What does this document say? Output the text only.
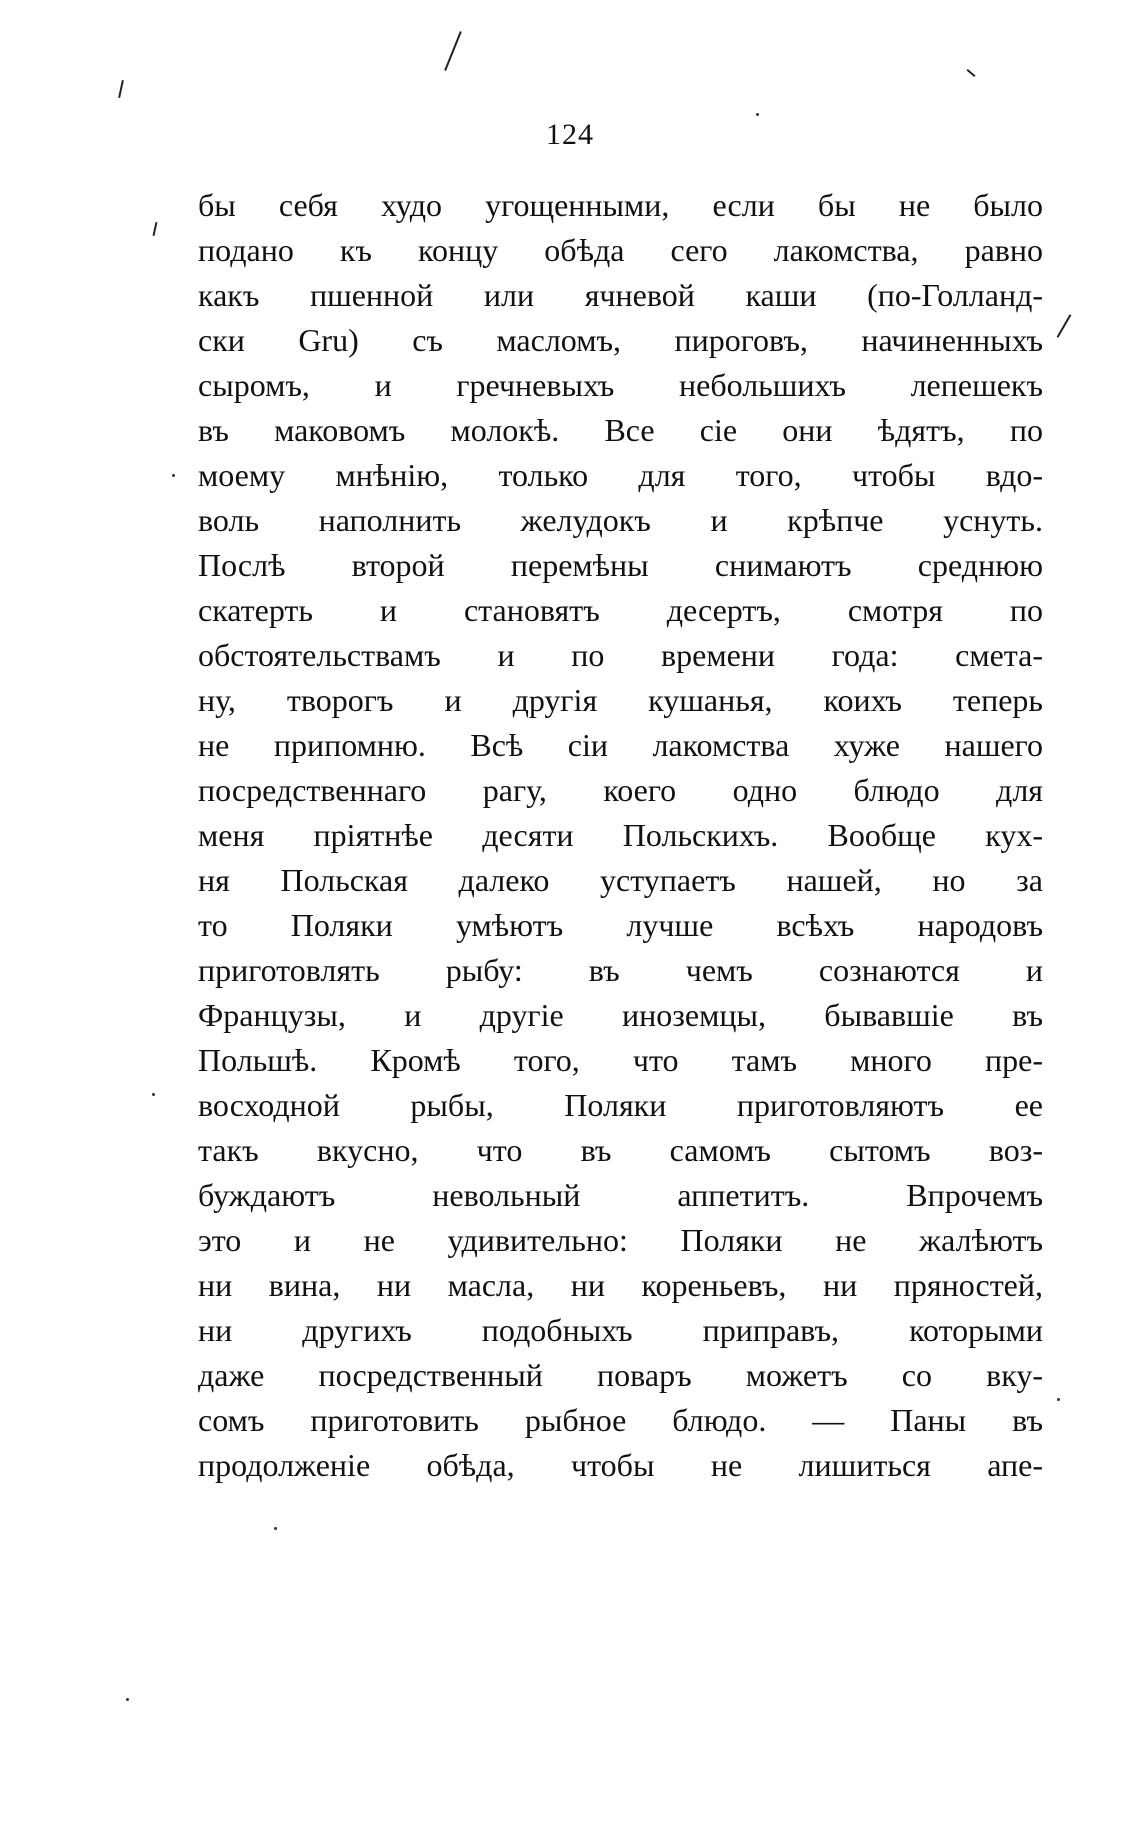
124
бы себя худо угощенными, если бы не было
подано къ концу обѣда сего лакомства, равно
какъ пшенной или ячневой каши (по-Голланд-
ски Gru) съ масломъ, пироговъ, начиненныхъ
сыромъ, и гречневыхъ небольшихъ лепешекъ
въ маковомъ молокѣ. Все сіе они ѣдятъ, по
моему мнѣнію, только для того, чтобы вдо-
воль наполнить желудокъ и крѣпче уснуть.
Послѣ второй перемѣны снимаютъ среднюю
скатерть и становятъ десертъ, смотря по
обстоятельствамъ и по времени года: смета-
ну, творогъ и другія кушанья, коихъ теперь
не припомню. Всѣ сіи лакомства хуже нашего
посредственнаго рагу, коего одно блюдо для
меня пріятнѣе десяти Польскихъ. Вообще кух-
ня Польская далеко уступаетъ нашей, но за
то Поляки умѣютъ лучше всѣхъ народовъ
приготовлять рыбу: въ чемъ сознаются и
Французы, и другіе иноземцы, бывавшіе въ
Польшѣ. Кромѣ того, что тамъ много пре-
восходной рыбы, Поляки приготовляютъ ее
такъ вкусно, что въ самомъ сытомъ воз-
буждаютъ невольный аппетитъ. Впрочемъ
это и не удивительно: Поляки не жалѣютъ
ни вина, ни масла, ни кореньевъ, ни пряностей,
ни другихъ подобныхъ приправъ, которыми
даже посредственный поваръ можетъ со вку-
сомъ приготовить рыбное блюдо. — Паны въ
продолженіе обѣда, чтобы не лишиться апе-
